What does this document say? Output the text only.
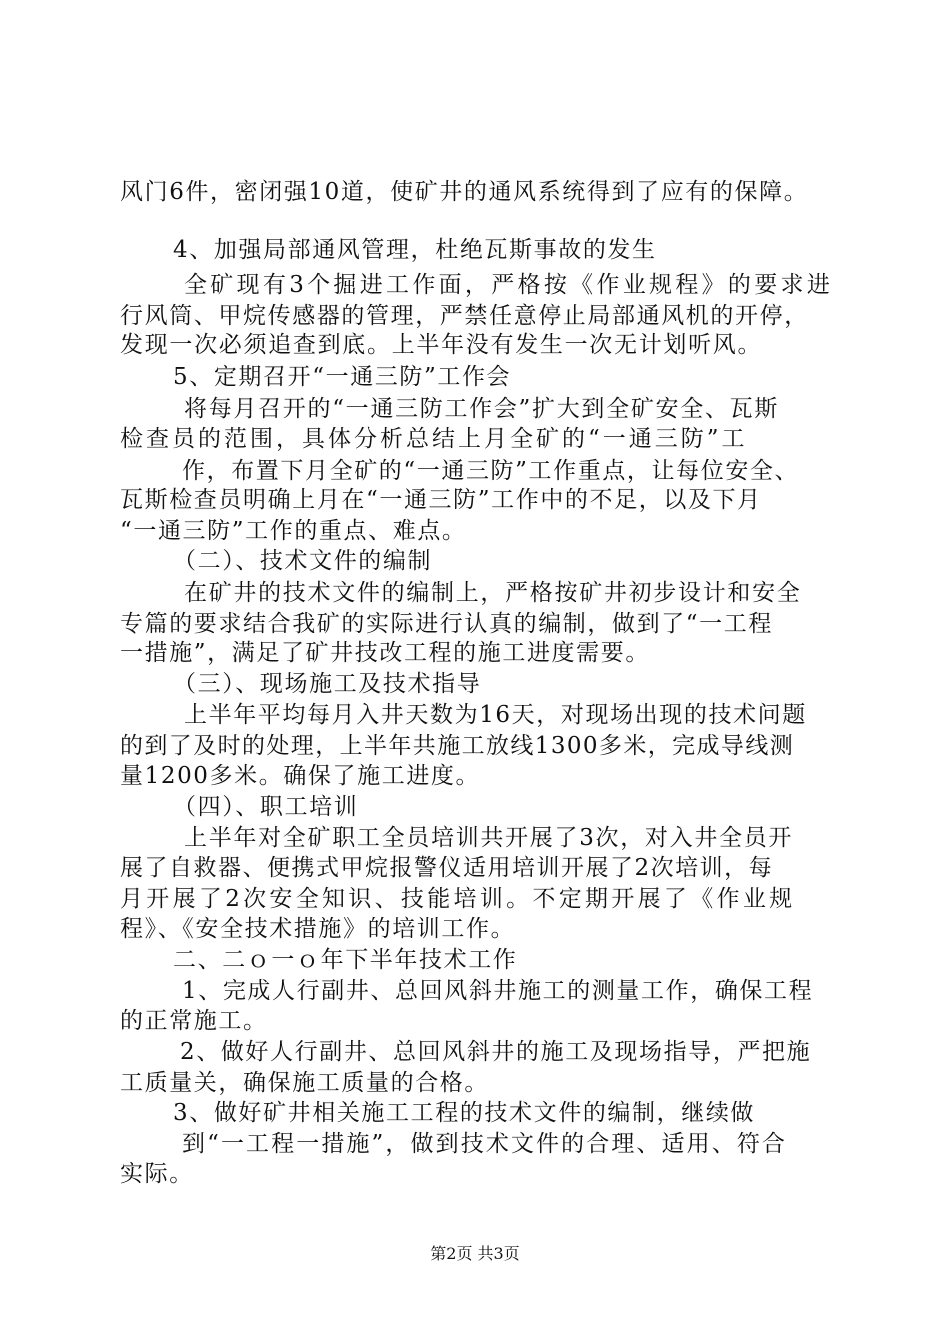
风门6件，密闭强10道，使矿井的通风系统得到了应有的保障。
4、加强局部通风管理，杜绝瓦斯事故的发生
全矿现有3个掘进工作面，严格按《作业规程》的要求进
行风筒、甲烷传感器的管理，严禁任意停止局部通风机的开停，
发现一次必须追查到底。上半年没有发生一次无计划听风。
5、定期召开“一通三防”工作会
将每月召开的“一通三防工作会”扩大到全矿安全、瓦斯
检查员的范围，具体分析总结上月全矿的“一通三防”工
作，布置下月全矿的“一通三防”工作重点，让每位安全、
瓦斯检查员明确上月在“一通三防”工作中的不足，以及下月
“一通三防”工作的重点、难点。
（二）、技术文件的编制
在矿井的技术文件的编制上，严格按矿井初步设计和安全
专篇的要求结合我矿的实际进行认真的编制，做到了“一工程
一措施”，满足了矿井技改工程的施工进度需要。
（三）、现场施工及技术指导
上半年平均每月入井天数为16天，对现场出现的技术问题
的到了及时的处理，上半年共施工放线1300多米，完成导线测
量1200多米。确保了施工进度。
（四）、职工培训
上半年对全矿职工全员培训共开展了3次，对入井全员开
展了自救器、便携式甲烷报警仪适用培训开展了2次培训，每
月开展了2次安全知识、技能培训。不定期开展了《作业规
程》、《安全技术措施》的培训工作。
二、二ｏ一ｏ年下半年技术工作
1、完成人行副井、总回风斜井施工的测量工作，确保工程
的正常施工。
2、做好人行副井、总回风斜井的施工及现场指导，严把施
工质量关，确保施工质量的合格。
3、做好矿井相关施工工程的技术文件的编制，继续做
到“一工程一措施”，做到技术文件的合理、适用、符合
实际。
第2页 共3页
